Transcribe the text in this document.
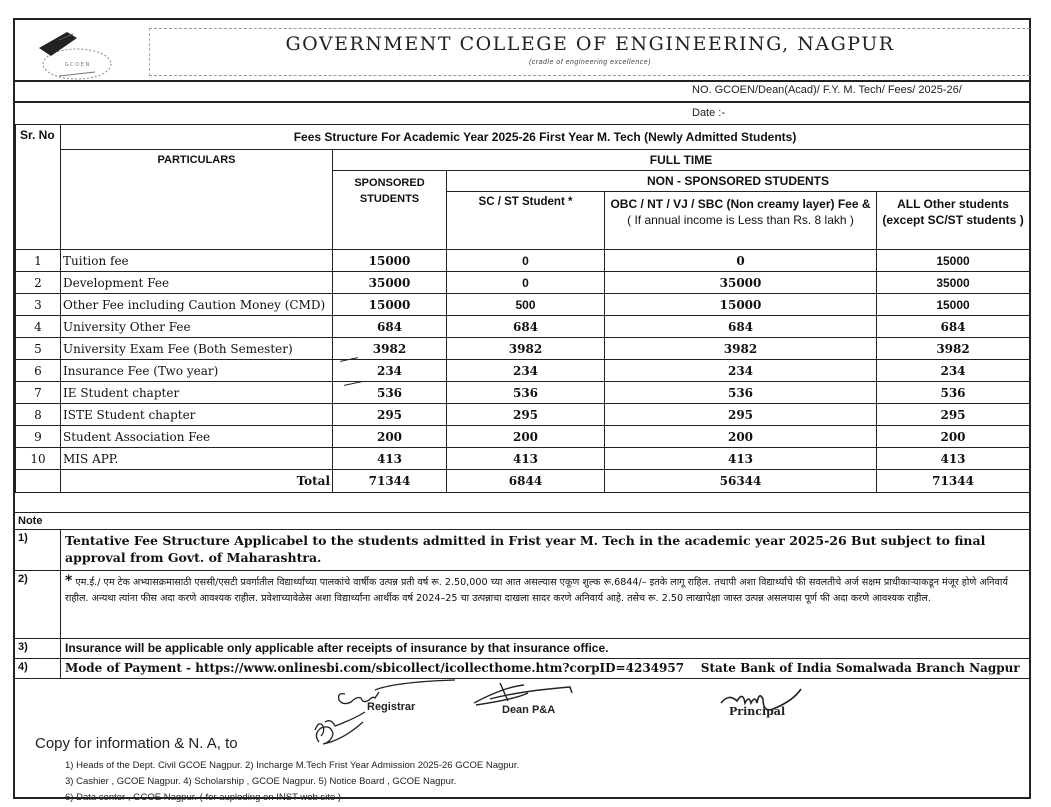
G C O E N
GOVERNMENT COLLEGE OF ENGINEERING, NAGPUR
(cradle of engineering excellence)
NO. GCOEN/Dean(Acad)/ F.Y. M. Tech/ Fees/ 2025-26/
Date :-
Sr. No	Fees Structure For Academic Year 2025-26 First Year M. Tech (Newly Admitted Students)				
	PARTICULARS	FULL TIME			

		SPONSORED
STUDENTS	NON - SPONSORED STUDENTS		
SC / ST Student *	OBC / NT / VJ / SBC (Non creamy layer) Fee &
( If annual income is Less than Rs. 8 lakh )

ALL Other students
(except SC/ST students )

1	Tuition fee	15000	0	0	15000
2	Development Fee	35000	0	35000	35000
3	Other Fee including Caution Money (CMD)	15000	500	15000	15000
4	University Other Fee	684	684	684	684
5	University Exam Fee (Both Semester)	3982	3982	3982	3982
6	Insurance Fee (Two year)	234	234	234	234
7	IE Student chapter	536	536	536	536
8	ISTE Student chapter	295	295	295	295
9	Student Association Fee	200	200	200	200
10	MIS APP.	413	413	413	413
	Total	71344	6844	56344	71344
Note
1)	Tentative Fee Structure Applicabel to the students admitted in Frist year M. Tech in the academic year 2025-26 But subject to final approval from Govt. of Maharashtra.
2)	* एम.ई./ एम टेक अभ्यासक्रमासाठी एससी/एसटी प्रवर्गातील विद्यार्थ्यांच्या पालकांचे वार्षीक उत्पन्न प्रती वर्ष रू. 2.50,000 च्या आत असल्यास एकूण शुल्क रू.6844/– इतके लागू राहिल. तथापी अशा विद्यार्थ्यांचे फी सवलतीचे अर्ज सक्षम प्राधीकाऱ्याकडून मंजूर होणे अनिवार्य राहील. अन्यथा त्यांना फीस अदा करणे आवश्यक राहील. प्रवेशाच्यावेळेस अशा विद्यार्थ्यांना आर्थीक वर्ष 2024–25 चा उत्पन्नाचा दाखला सादर करणे अनिवार्य आहे. तसेच रू. 2.50 लाखापेक्षा जास्त उत्पन्न असलयास पूर्ण फी अदा करणे आवश्यक राहील.
3)	Insurance will be applicable only applicable after receipts of insurance by that insurance office.
4)	Mode of Payment - https://www.onlinesbi.com/sbicollect/icollecthome.htm?corpID=4234957    State Bank of India Somalwada Branch Nagpur
Registrar	Dean P&A	Principal
Copy for information & N. A, to
1) Heads of the Dept. Civil GCOE Nagpur. 2) Incharge M.Tech Frist Year Admission 2025-26 GCOE Nagpur.
3) Cashier , GCOE Nagpur. 4) Scholarship , GCOE Nagpur. 5) Notice Board , GCOE Nagpur.
6) Data center , GCOE Nagpur. ( for auploding on INST web site )
